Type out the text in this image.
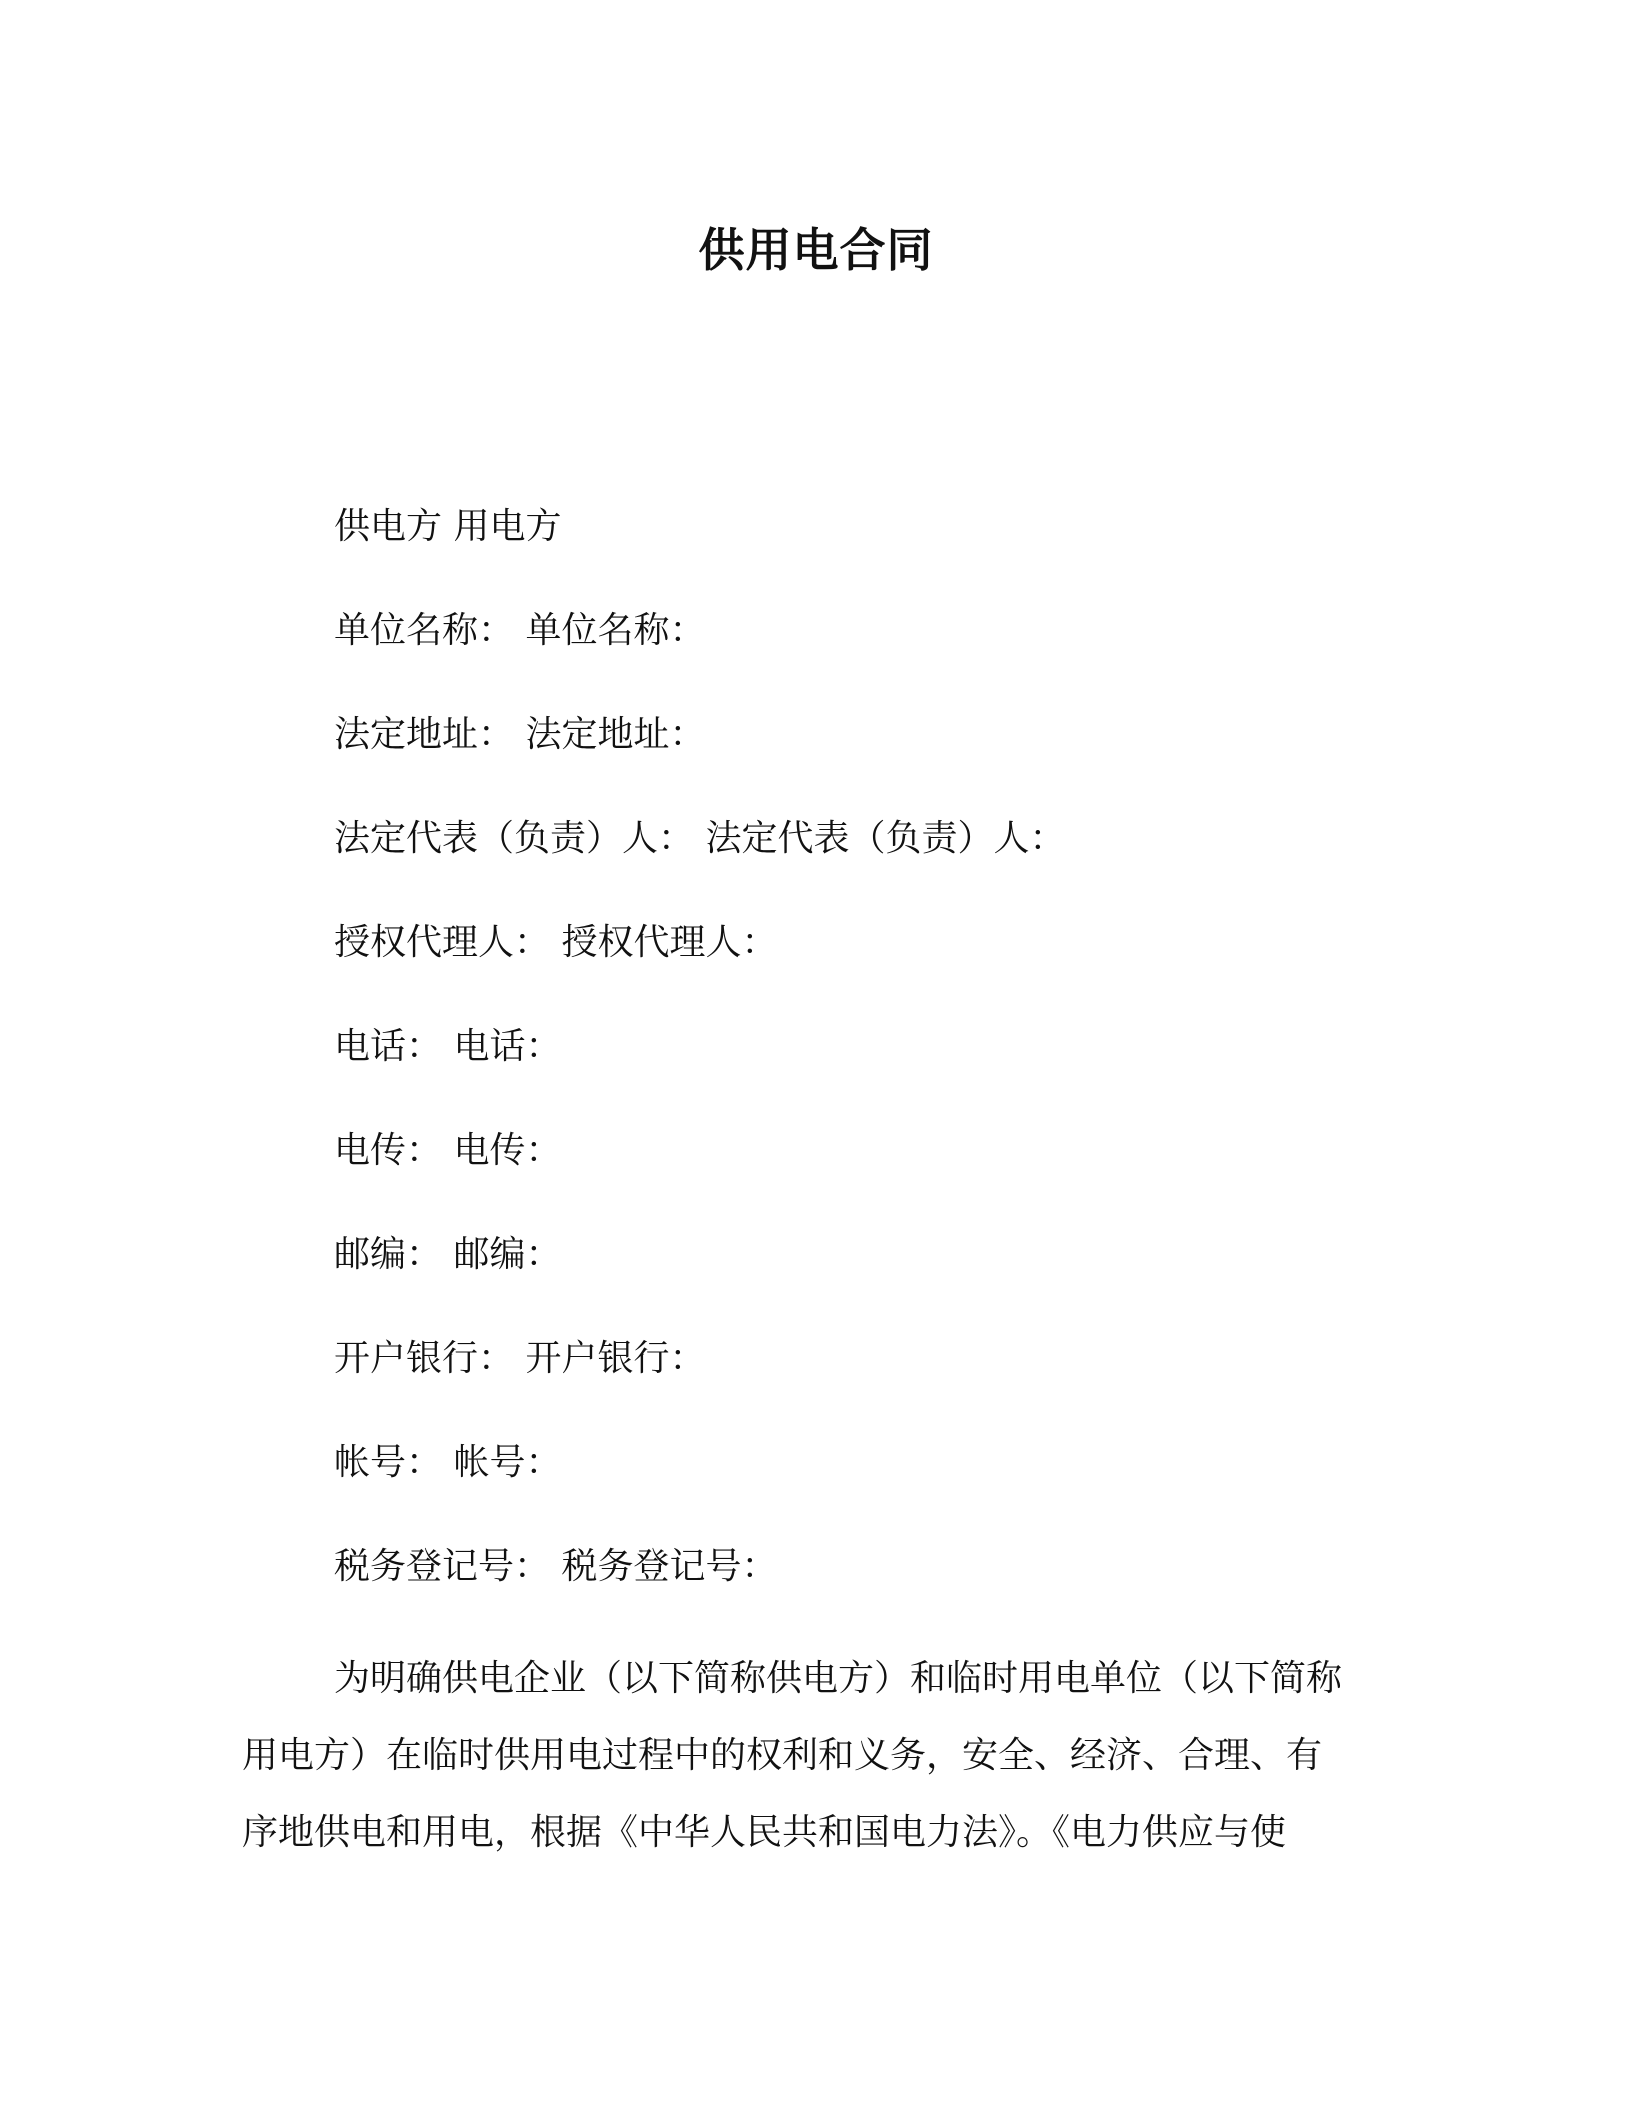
供用电合同
供电方 用电方
单位名称： 单位名称：
法定地址： 法定地址：
法定代表（负责）人： 法定代表（负责）人：
授权代理人： 授权代理人：
电话： 电话：
电传： 电传：
邮编： 邮编：
开户银行： 开户银行：
帐号： 帐号：
税务登记号： 税务登记号：

为明确供电企业（以下简称供电方）和临时用电单位（以下简称
用电方）在临时供用电过程中的权利和义务，安全、经济、合理、有
序地供电和用电，根据《中华人民共和国电力法》。《电力供应与使
